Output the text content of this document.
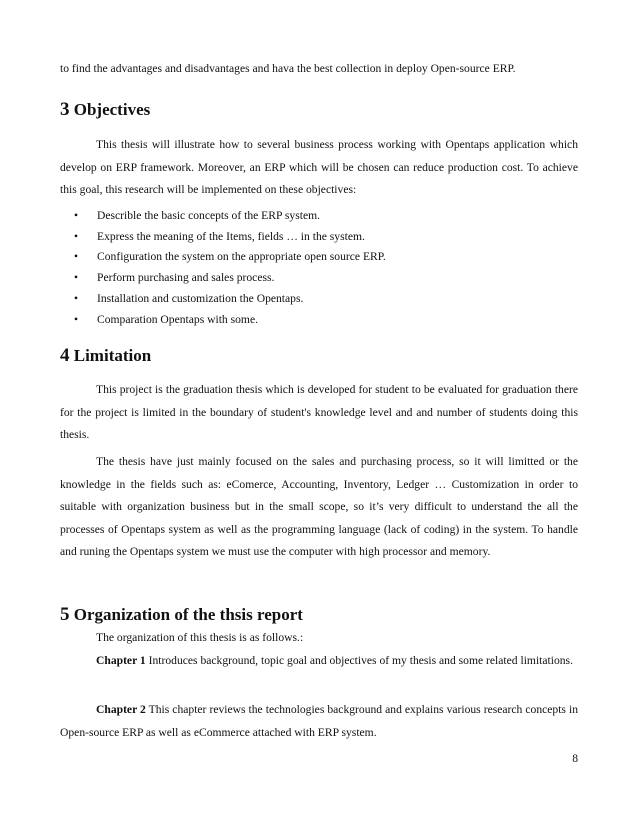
to find the advantages and disadvantages and hava the best collection in deploy Open-source ERP.

3 Objectives

This thesis will illustrate how to several business process working with Opentaps application which develop on ERP framework. Moreover, an ERP which will be chosen can reduce production cost. To achieve this goal, this research will be implemented on these objectives:

• Describle the basic concepts of the ERP system.
• Express the meaning of the Items, fields … in the system.
• Configuration the system on the appropriate open source ERP.
• Perform purchasing and sales process.
• Installation and customization the Opentaps.
• Comparation Opentaps with some.
4 Limitation

This project is the graduation thesis which is developed for student to be evaluated for graduation there for the project is limited in the boundary of student's knowledge level and and number of students doing this thesis.

The thesis have just mainly focused on the sales and purchasing process, so it will limitted or the knowledge in the fields such as: eComerce, Accounting, Inventory, Ledger … Customization in order to suitable with organization business but in the small scope, so it’s very difficult to understand the all the processes of Opentaps system as well as the programming language (lack of coding) in the system. To handle and runing the Opentaps system we must use the computer with high processor and memory.

5 Organization of the thsis report

The organization of this thesis is as follows.:

Chapter 1 Introduces background, topic goal and objectives of my thesis and some related limitations.

Chapter 2 This chapter reviews the technologies background and explains various research concepts in Open-source ERP as well as eCommerce attached with ERP system.

8
